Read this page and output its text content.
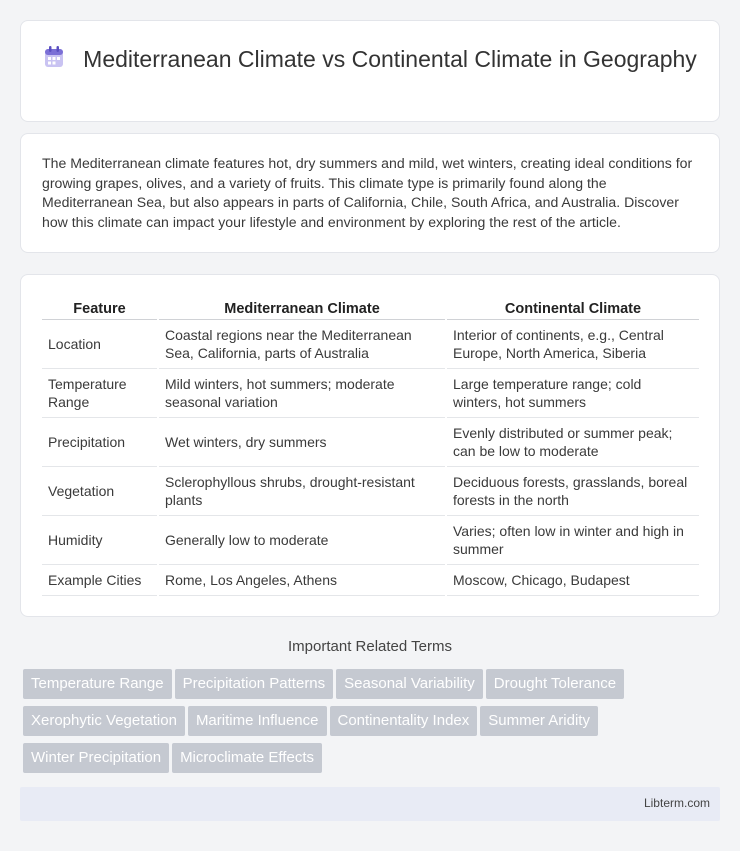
Mediterranean Climate vs Continental Climate in Geography

The Mediterranean climate features hot, dry summers and mild, wet winters, creating ideal conditions for growing grapes, olives, and a variety of fruits. This climate type is primarily found along the Mediterranean Sea, but also appears in parts of California, Chile, South Africa, and Australia. Discover how this climate can impact your lifestyle and environment by exploring the rest of the article.

Feature	Mediterranean Climate	Continental Climate
Location	Coastal regions near the Mediterranean Sea, California, parts of Australia	Interior of continents, e.g., Central Europe, North America, Siberia
Temperature Range	Mild winters, hot summers; moderate seasonal variation	Large temperature range; cold winters, hot summers
Precipitation	Wet winters, dry summers	Evenly distributed or summer peak; can be low to moderate
Vegetation	Sclerophyllous shrubs, drought-resistant plants	Deciduous forests, grasslands, boreal forests in the north
Humidity	Generally low to moderate	Varies; often low in winter and high in summer
Example Cities	Rome, Los Angeles, Athens	Moscow, Chicago, Budapest
Important Related Terms
Temperature Range Precipitation Patterns Seasonal Variability Drought Tolerance
Xerophytic Vegetation Maritime Influence Continentality Index Summer Aridity
Winter Precipitation Microclimate Effects
Libterm.com
